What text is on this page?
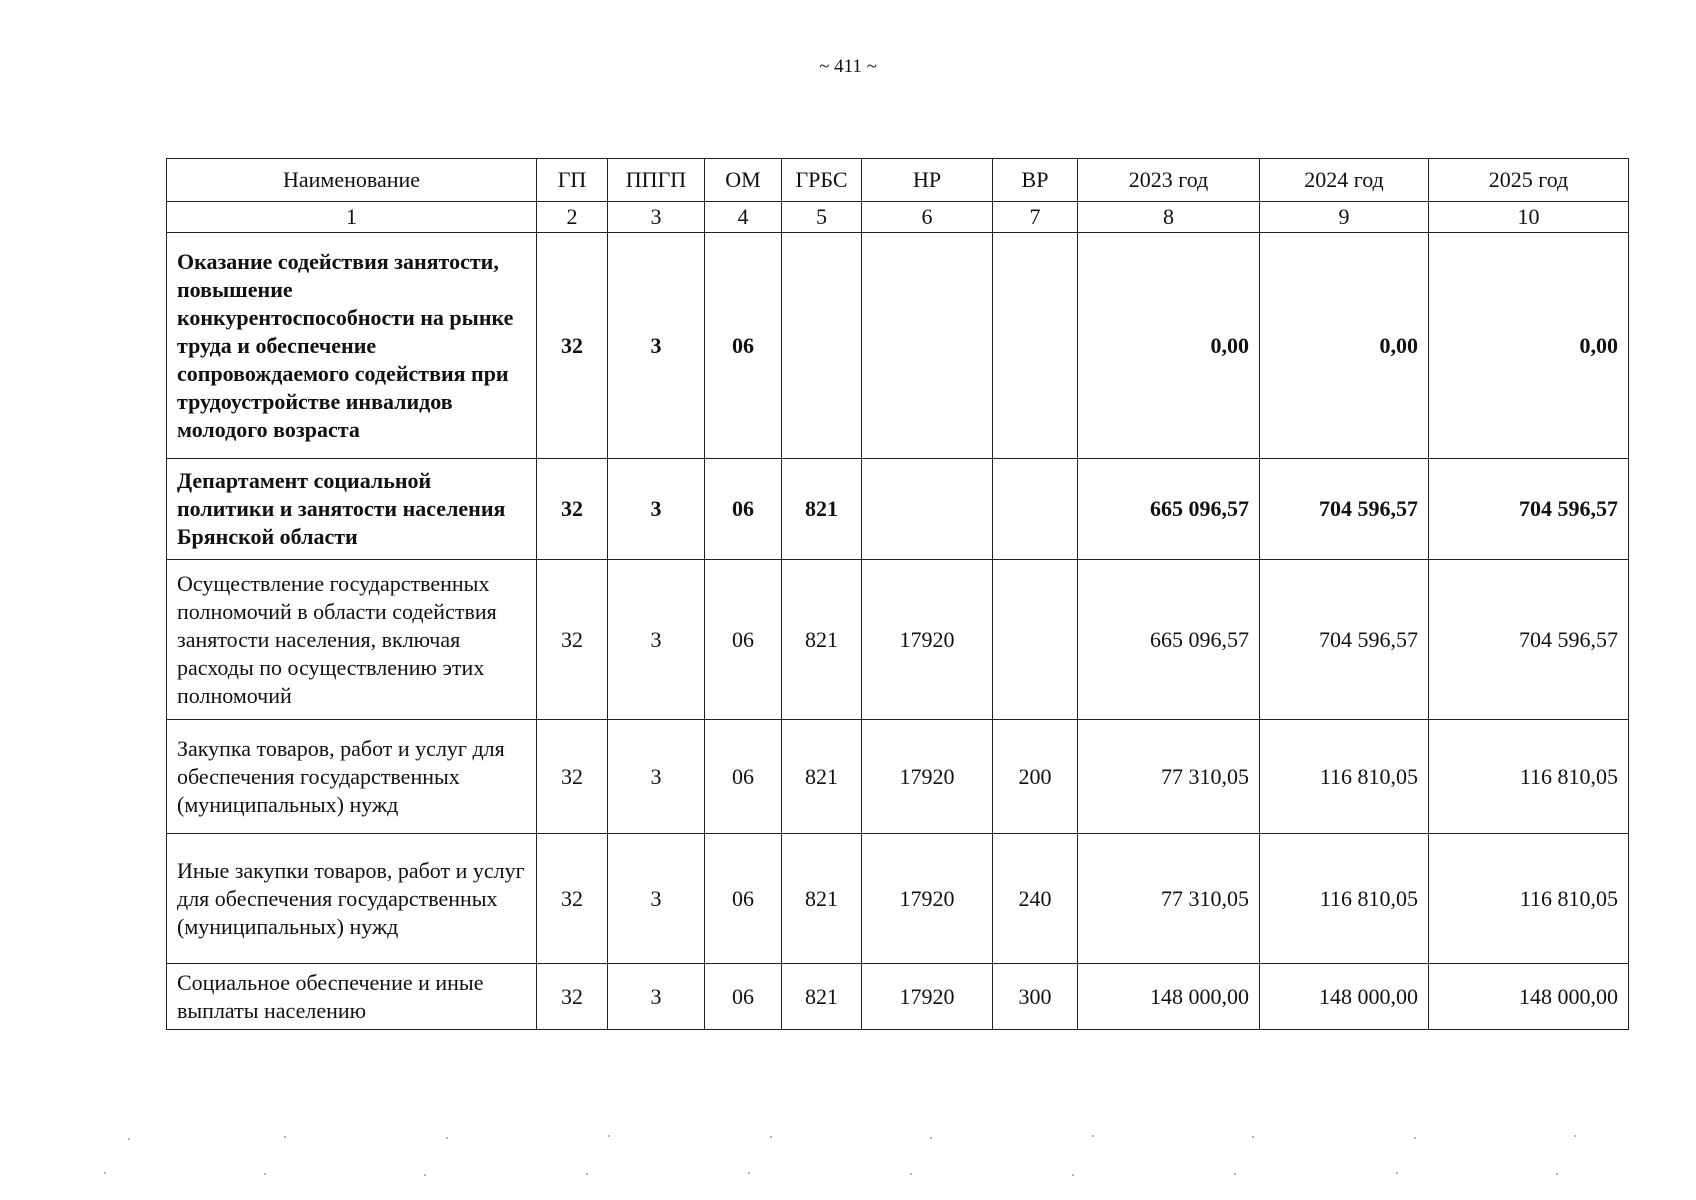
~ 411 ~
Наименование	ГП	ППГП	ОМ	ГРБС	НР	ВР	2023 год	2024 год	2025 год
1	2	3	4	5	6	7	8	9	10
Оказание содействия занятости, повышение конкурентоспособности на рынке труда и обеспечение сопровождаемого содействия при трудоустройстве инвалидов молодого возраста	32	3	06				0,00	0,00	0,00
Департамент социальной политики и занятости населения Брянской области	32	3	06	821			665 096,57	704 596,57	704 596,57
Осуществление государственных полномочий в области содействия занятости населения, включая расходы по осуществлению этих полномочий	32	3	06	821	17920		665 096,57	704 596,57	704 596,57
Закупка товаров, работ и услуг для обеспечения государственных (муниципальных) нужд	32	3	06	821	17920	200	77 310,05	116 810,05	116 810,05
Иные закупки товаров, работ и услуг для обеспечения государственных (муниципальных) нужд	32	3	06	821	17920	240	77 310,05	116 810,05	116 810,05
Социальное обеспечение и иные выплаты населению	32	3	06	821	17920	300	148 000,00	148 000,00	148 000,00
